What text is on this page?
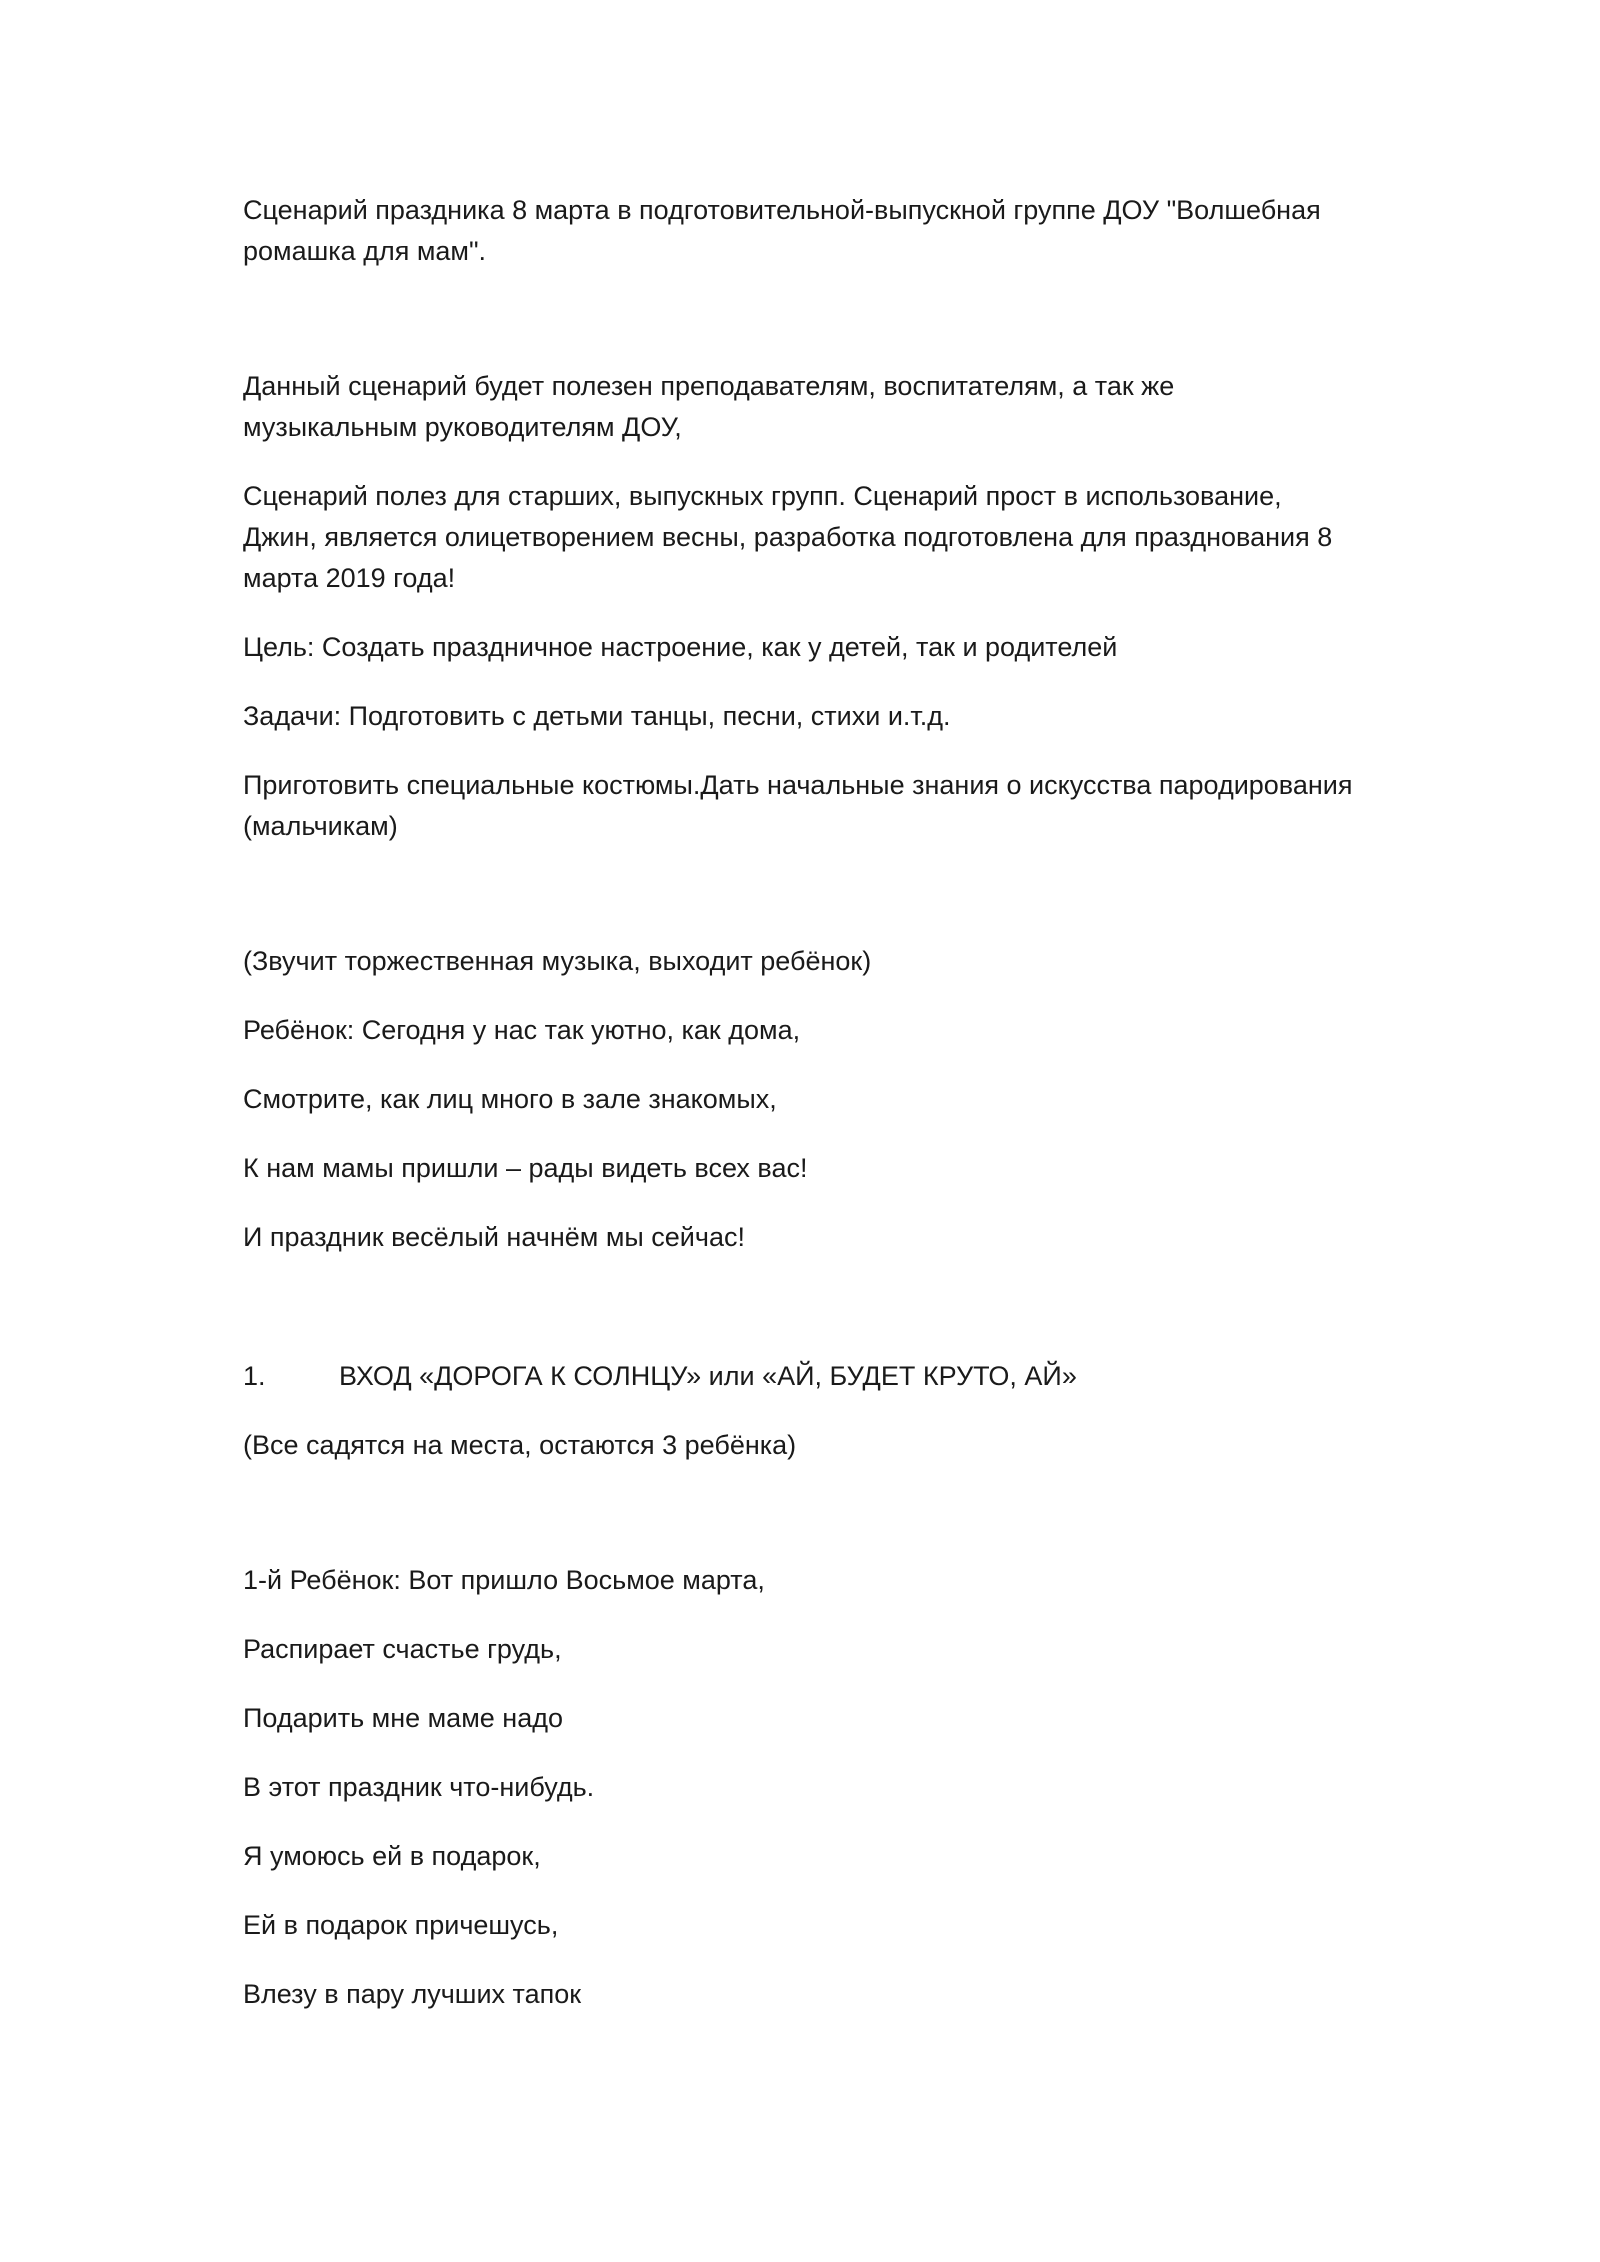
Сценарий праздника 8 марта в подготовительной-выпускной группе ДОУ "Волшебная
ромашка для мам".

Данный сценарий будет полезен преподавателям, воспитателям, а так же
музыкальным руководителям ДОУ,

Сценарий полез для старших, выпускных групп. Сценарий прост в использование,
Джин, является олицетворением весны, разработка подготовлена для празднования 8
марта 2019 года!

Цель: Создать праздничное настроение, как у детей, так и родителей

Задачи: Подготовить с детьми танцы, песни, стихи и.т.д.

Приготовить специальные костюмы.Дать начальные знания о искусства пародирования
(мальчикам)

(Звучит торжественная музыка, выходит ребёнок)

Ребёнок: Сегодня у нас так уютно, как дома,

Смотрите, как лиц много в зале знакомых,

К нам мамы пришли – рады видеть всех вас!

И праздник весёлый начнём мы сейчас!

1.	ВХОД «ДОРОГА К СОЛНЦУ» или «АЙ, БУДЕТ КРУТО, АЙ»

(Все садятся на места, остаются 3 ребёнка)

1-й Ребёнок: Вот пришло Восьмое марта,

Распирает счастье грудь,

Подарить мне маме надо

В этот праздник что-нибудь.

Я умоюсь ей в подарок,

Ей в подарок причешусь,

Влезу в пару лучших тапок
